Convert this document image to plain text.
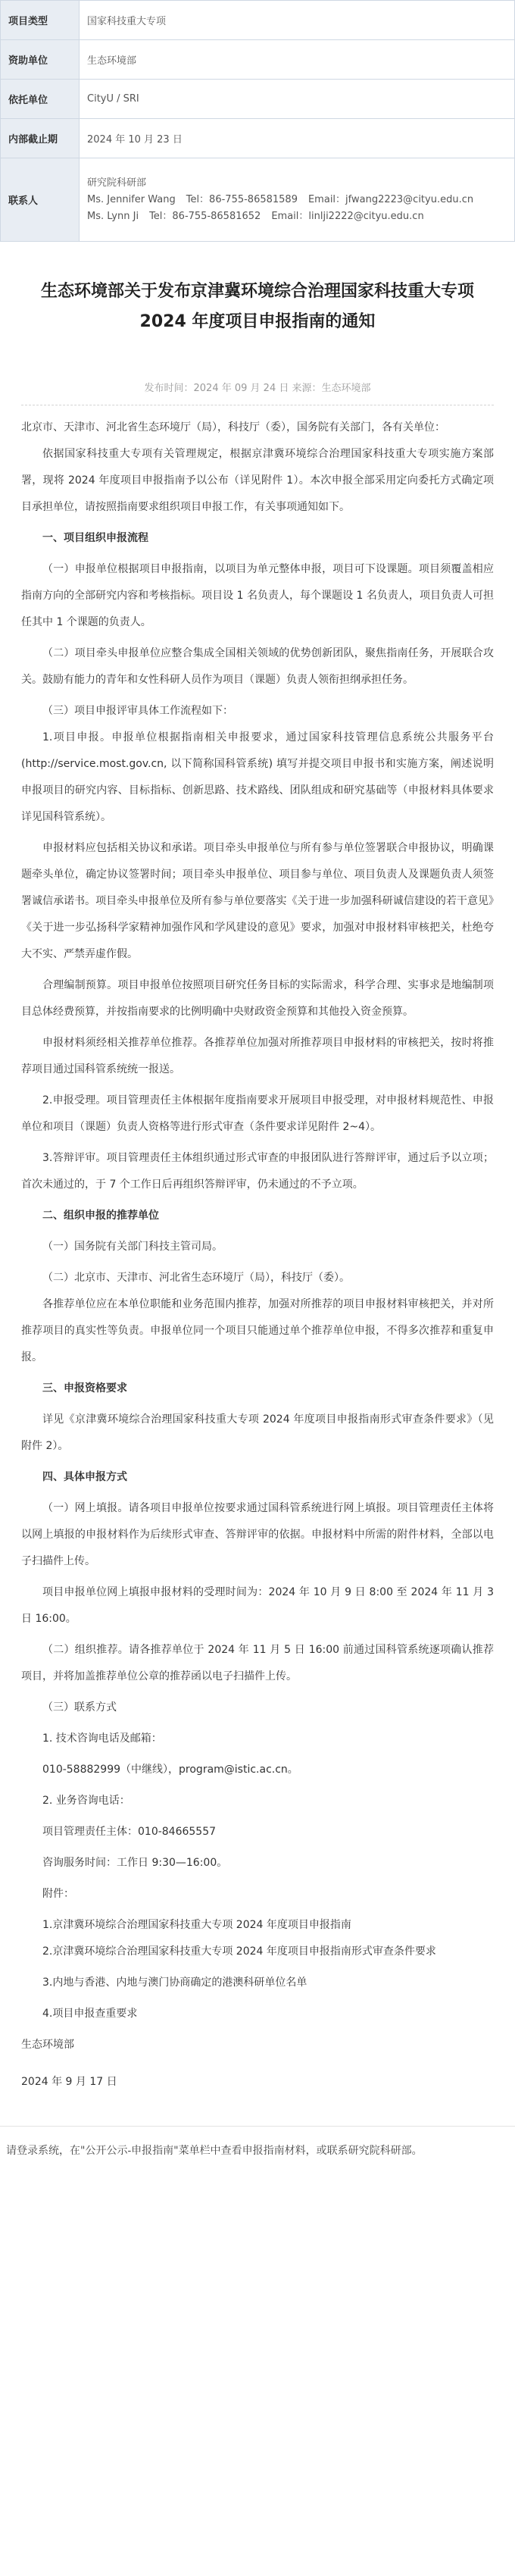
项目类型	国家科技重大专项
资助单位	生态环境部
依托单位	CityU / SRI
内部截止期	2024 年 10 月 23 日
联系人	研究院科研部
Ms. Jennifer Wang Tel：86-755-86581589 Email：jfwang2223@cityu.edu.cn
Ms. Lynn Ji Tel：86-755-86581652 Email：linlji2222@cityu.edu.cn
生态环境部关于发布京津冀环境综合治理国家科技重大专项 2024 年度项目申报指南的通知
发布时间：2024 年 09 月 24 日 来源：生态环境部

北京市、天津市、河北省生态环境厅（局），科技厅（委），国务院有关部门，各有关单位：

依据国家科技重大专项有关管理规定，根据京津冀环境综合治理国家科技重大专项实施方案部署，现将 2024 年度项目申报指南予以公布（详见附件 1）。本次申报全部采用定向委托方式确定项目承担单位，请按照指南要求组织项目申报工作，有关事项通知如下。

一、项目组织申报流程

（一）申报单位根据项目申报指南，以项目为单元整体申报，项目可下设课题。项目须覆盖相应指南方向的全部研究内容和考核指标。项目设 1 名负责人，每个课题设 1 名负责人，项目负责人可担任其中 1 个课题的负责人。

（二）项目牵头申报单位应整合集成全国相关领域的优势创新团队，聚焦指南任务，开展联合攻关。鼓励有能力的青年和女性科研人员作为项目（课题）负责人领衔担纲承担任务。

（三）项目申报评审具体工作流程如下：

1.项目申报。申报单位根据指南相关申报要求，通过国家科技管理信息系统公共服务平台(http://service.most.gov.cn, 以下简称国科管系统) 填写并提交项目申报书和实施方案，阐述说明申报项目的研究内容、目标指标、创新思路、技术路线、团队组成和研究基础等（申报材料具体要求详见国科管系统）。

申报材料应包括相关协议和承诺。项目牵头申报单位与所有参与单位签署联合申报协议，明确课题牵头单位，确定协议签署时间；项目牵头申报单位、项目参与单位、项目负责人及课题负责人须签署诚信承诺书。项目牵头申报单位及所有参与单位要落实《关于进一步加强科研诚信建设的若干意见》《关于进一步弘扬科学家精神加强作风和学风建设的意见》要求，加强对申报材料审核把关，杜绝夸大不实、严禁弄虚作假。

合理编制预算。项目申报单位按照项目研究任务目标的实际需求，科学合理、实事求是地编制项目总体经费预算，并按指南要求的比例明确中央财政资金预算和其他投入资金预算。

申报材料须经相关推荐单位推荐。各推荐单位加强对所推荐项目申报材料的审核把关，按时将推荐项目通过国科管系统统一报送。

2.申报受理。项目管理责任主体根据年度指南要求开展项目申报受理，对申报材料规范性、申报单位和项目（课题）负责人资格等进行形式审查（条件要求详见附件 2~4）。

3.答辩评审。项目管理责任主体组织通过形式审查的申报团队进行答辩评审，通过后予以立项；首次未通过的，于 7 个工作日后再组织答辩评审，仍未通过的不予立项。

二、组织申报的推荐单位

（一）国务院有关部门科技主管司局。

（二）北京市、天津市、河北省生态环境厅（局），科技厅（委）。

各推荐单位应在本单位职能和业务范围内推荐，加强对所推荐的项目申报材料审核把关，并对所推荐项目的真实性等负责。申报单位同一个项目只能通过单个推荐单位申报，不得多次推荐和重复申报。

三、申报资格要求

详见《京津冀环境综合治理国家科技重大专项 2024 年度项目申报指南形式审查条件要求》（见附件 2）。

四、具体申报方式

（一）网上填报。请各项目申报单位按要求通过国科管系统进行网上填报。项目管理责任主体将以网上填报的申报材料作为后续形式审查、答辩评审的依据。申报材料中所需的附件材料，全部以电子扫描件上传。

项目申报单位网上填报申报材料的受理时间为：2024 年 10 月 9 日 8:00 至 2024 年 11 月 3 日 16:00。

（二）组织推荐。请各推荐单位于 2024 年 11 月 5 日 16:00 前通过国科管系统逐项确认推荐项目，并将加盖推荐单位公章的推荐函以电子扫描件上传。

（三）联系方式

1. 技术咨询电话及邮箱：

010-58882999（中继线），program@istic.ac.cn。

2. 业务咨询电话：

项目管理责任主体：010-84665557

咨询服务时间：工作日 9:30—16:00。

附件：

1.京津冀环境综合治理国家科技重大专项 2024 年度项目申报指南

2.京津冀环境综合治理国家科技重大专项 2024 年度项目申报指南形式审查条件要求

3.内地与香港、内地与澳门协商确定的港澳科研单位名单

4.项目申报查重要求

生态环境部

2024 年 9 月 17 日

请登录系统，在"公开公示-申报指南"菜单栏中查看申报指南材料，或联系研究院科研部。
